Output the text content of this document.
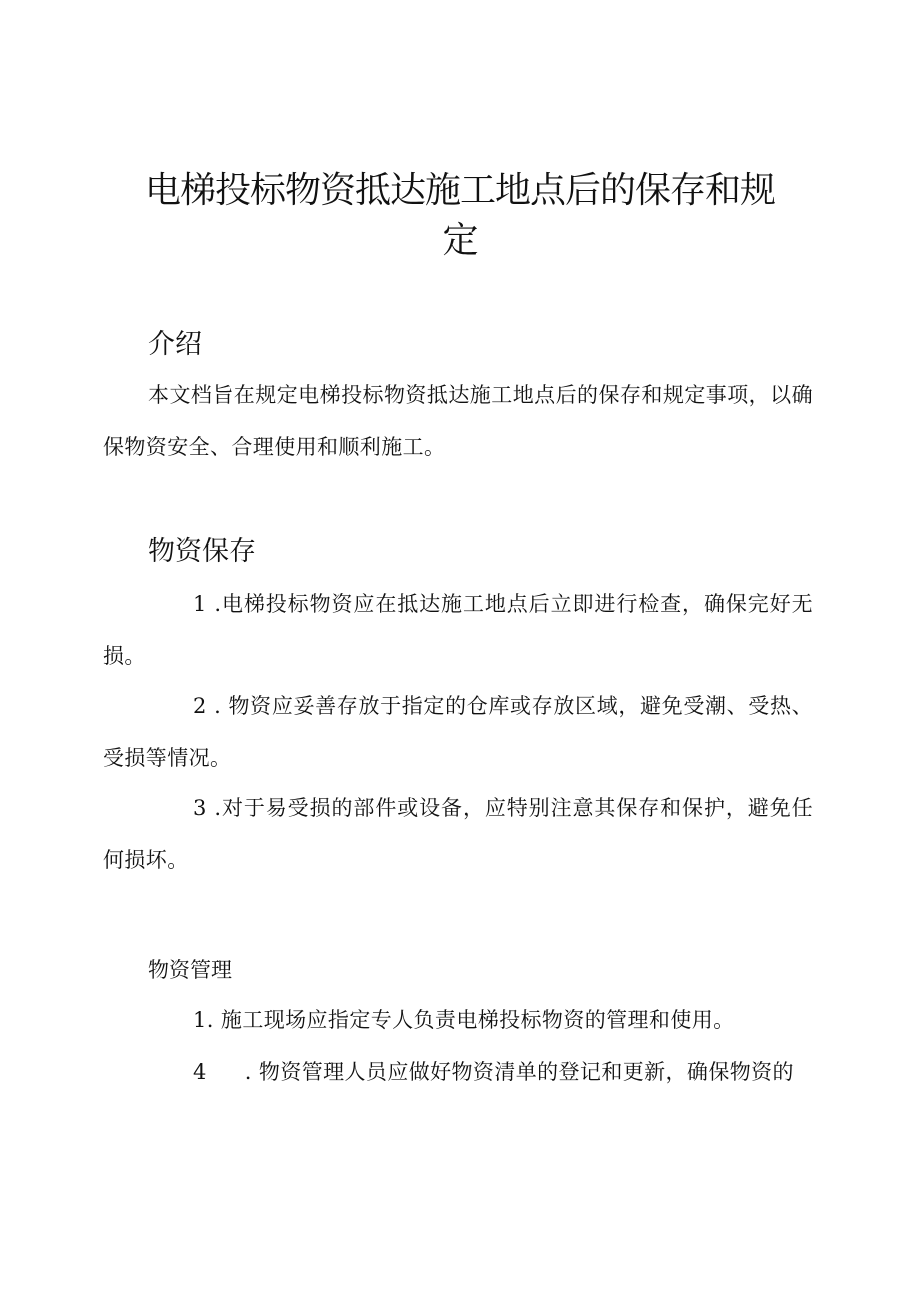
电梯投标物资抵达施工地点后的保存和规定
介绍

本文档旨在规定电梯投标物资抵达施工地点后的保存和规定事项，以确保物资安全、合理使用和顺利施工。

物资保存

1 .电梯投标物资应在抵达施工地点后立即进行检查，确保完好无损。

2 . 物资应妥善存放于指定的仓库或存放区域，避免受潮、受热、受损等情况。

3 .对于易受损的部件或设备，应特别注意其保存和保护，避免任何损坏。

物资管理

1. 施工现场应指定专人负责电梯投标物资的管理和使用。

4 . 物资管理人员应做好物资清单的登记和更新，确保物资的
